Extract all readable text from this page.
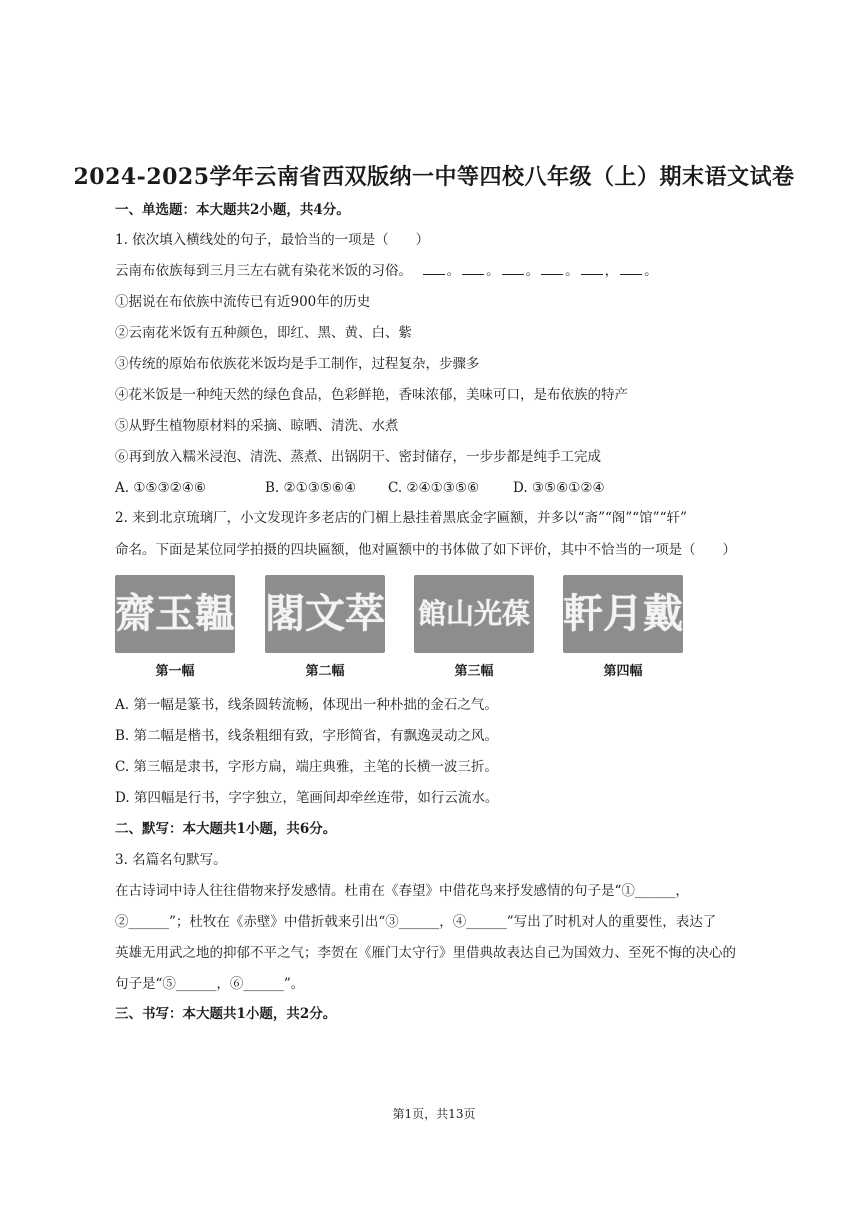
2024-2025学年云南省西双版纳一中等四校八年级（上）期末语文试卷
一、单选题：本大题共2小题，共4分。
1. 依次填入横线处的句子，最恰当的一项是（　　）
云南布依族每到三月三左右就有染花米饭的习俗。	。 。 。 。 ， 。
①据说在布依族中流传已有近900年的历史
②云南花米饭有五种颜色，即红、黑、黄、白、紫
③传统的原始布依族花米饭均是手工制作，过程复杂，步骤多
④花米饭是一种纯天然的绿色食品，色彩鲜艳，香味浓郁，美味可口，是布依族的特产
⑤从野生植物原材料的采摘、晾晒、清洗、水煮
⑥再到放入糯米浸泡、清洗、蒸煮、出锅阴干、密封储存，一步步都是纯手工完成
A. ①⑤③②④⑥	B. ②①③⑤⑥④ C. ②④①③⑤⑥	D. ③⑤⑥①②④
2. 来到北京琉璃厂，小文发现许多老店的门楣上悬挂着黑底金字匾额，并多以“斋”“阁”“馆”“轩”
命名。下面是某位同学拍摄的四块匾额，他对匾额中的书体做了如下评价，其中不恰当的一项是（　　）
齋玉韞 閣文萃 館山光葆 軒月戴
第一幅	第二幅	第三幅	第四幅
A. 第一幅是篆书，线条圆转流畅，体现出一种朴拙的金石之气。
B. 第二幅是楷书，线条粗细有致，字形简省，有飘逸灵动之风。
C. 第三幅是隶书，字形方扁，端庄典雅，主笔的长横一波三折。
D. 第四幅是行书，字字独立，笔画间却牵丝连带，如行云流水。
二、默写：本大题共1小题，共6分。
3. 名篇名句默写。
在古诗词中诗人往往借物来抒发感情。杜甫在《春望》中借花鸟来抒发感情的句子是“①______，
②______”；杜牧在《赤壁》中借折戟来引出“③______，④______”写出了时机对人的重要性，表达了
英雄无用武之地的抑郁不平之气；李贺在《雁门太守行》里借典故表达自己为国效力、至死不悔的决心的
句子是“⑤______，⑥______”。
三、书写：本大题共1小题，共2分。
第1页，共13页
